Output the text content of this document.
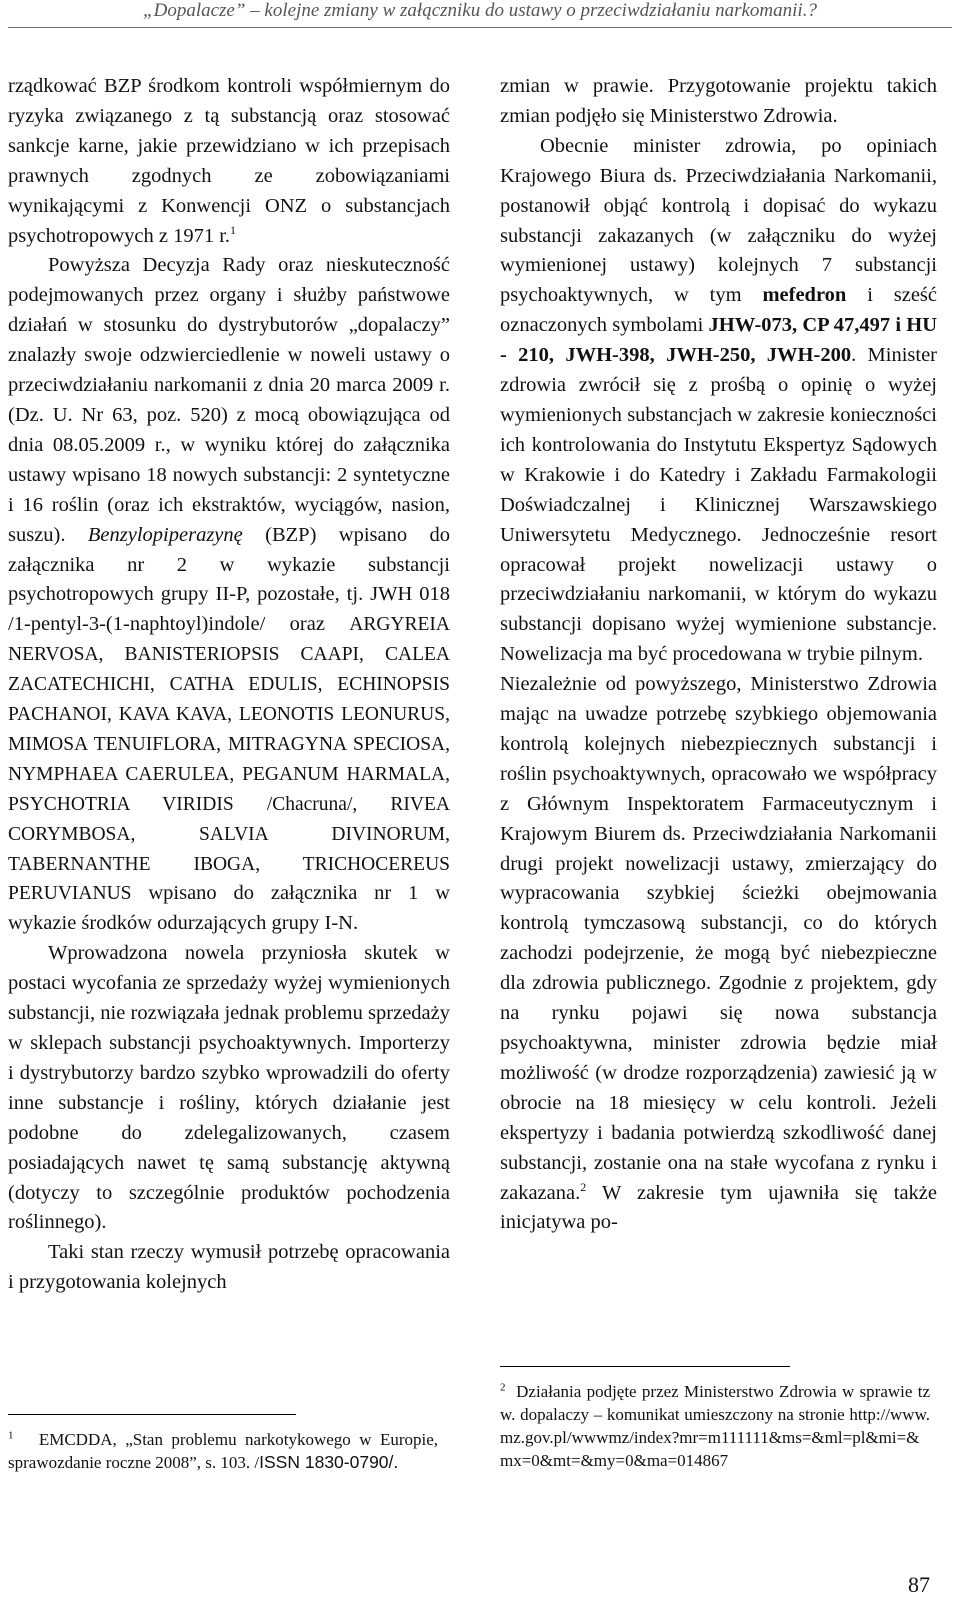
„Dopalacze” – kolejne zmiany w załączniku do ustawy o przeciwdziałaniu narkomanii.?

rządkować BZP środkom kontroli współmiernym do ryzyka związanego z tą substancją oraz stosować sankcje karne, jakie przewidziano w ich przepisach prawnych zgodnych ze zobowiązaniami wynikającymi z Konwencji ONZ o substancjach psychotropowych z 1971 r.$^1$

Powyższa Decyzja Rady oraz nieskuteczność podejmowanych przez organy i służby państwowe działań w stosunku do dystrybutorów „dopalaczy” znalazły swoje odzwierciedlenie w noweli ustawy o przeciwdziałaniu narkomanii z dnia 20 marca 2009 r. (Dz. U. Nr 63, poz. 520) z mocą obowiązująca od dnia 08.05.2009 r., w wyniku której do załącznika ustawy wpisano 18 nowych substancji: 2 syntetyczne i 16 roślin (oraz ich ekstraktów, wyciągów, nasion, suszu). Benzylopiperazynę (BZP) wpisano do załącznika nr 2 w wykazie substancji psychotropowych grupy II-P, pozostałe, tj. JWH 018 /1-pentyl-3-(1-naphtoyl)indole/ oraz ARGYREIA NERVOSA, BANISTERIOPSIS CAAPI, CALEA ZACATECHICHI, CATHA EDULIS, ECHINOPSIS PACHANOI, KAVA KAVA, LEONOTIS LEONURUS, MIMOSA TENUIFLORA, MITRAGYNA SPECIOSA, NYMPHAEA CAERULEA, PEGANUM HARMALA, PSYCHOTRIA VIRIDIS /Chacruna/, RIVEA CORYMBOSA, SALVIA DIVINORUM, TABERNANTHE IBOGA, TRICHOCEREUS PERUVIANUS wpisano do załącznika nr 1 w wykazie środków odurzających grupy I-N.

Wprowadzona nowela przyniosła skutek w postaci wycofania ze sprzedaży wyżej wymienionych substancji, nie rozwiązała jednak problemu sprzedaży w sklepach substancji psychoaktywnych. Importerzy i dystrybutorzy bardzo szybko wprowadzili do oferty inne substancje i rośliny, których działanie jest podobne do zdelegalizowanych, czasem posiadających nawet tę samą substancję aktywną (dotyczy to szczególnie produktów pochodzenia roślinnego).

Taki stan rzeczy wymusił potrzebę opracowania i przygotowania kolejnych

$^1$ EMCDDA, „Stan problemu narkotykowego w Europie, sprawozdanie roczne 2008”, s. 103. /ISSN 1830-0790/.

zmian w prawie. Przygotowanie projektu takich zmian podjęło się Ministerstwo Zdrowia.

Obecnie minister zdrowia, po opiniach Krajowego Biura ds. Przeciwdziałania Narkomanii, postanowił objąć kontrolą i dopisać do wykazu substancji zakazanych (w załączniku do wyżej wymienionej ustawy) kolejnych 7 substancji psychoaktywnych, w tym mefedron i sześć oznaczonych symbolami JHW-073, CP 47,497 i HU - 210, JWH-398, JWH-250, JWH-200. Minister zdrowia zwrócił się z prośbą o opinię o wyżej wymienionych substancjach w zakresie konieczności ich kontrolowania do Instytutu Ekspertyz Sądowych w Krakowie i do Katedry i Zakładu Farmakologii Doświadczalnej i Klinicznej Warszawskiego Uniwersytetu Medycznego. Jednocześnie resort opracował projekt nowelizacji ustawy o przeciwdziałaniu narkomanii, w którym do wykazu substancji dopisano wyżej wymienione substancje. Nowelizacja ma być procedowana w trybie pilnym.

Niezależnie od powyższego, Ministerstwo Zdrowia mając na uwadze potrzebę szybkiego objemowania kontrolą kolejnych niebezpiecznych substancji i roślin psychoaktywnych, opracowało we współpracy z Głównym Inspektoratem Farmaceutycznym i Krajowym Biurem ds. Przeciwdziałania Narkomanii drugi projekt nowelizacji ustawy, zmierzający do wypracowania szybkiej ścieżki obejmowania kontrolą tymczasową substancji, co do których zachodzi podejrzenie, że mogą być niebezpieczne dla zdrowia publicznego. Zgodnie z projektem, gdy na rynku pojawi się nowa substancja psychoaktywna, minister zdrowia będzie miał możliwość (w drodze rozporządzenia) zawiesić ją w obrocie na 18 miesięcy w celu kontroli. Jeżeli ekspertyzy i badania potwierdzą szkodliwość danej substancji, zostanie ona na stałe wycofana z rynku i zakazana.$^2$ W zakresie tym ujawniła się także inicjatywa po-

$^2$ Działania podjęte przez Ministerstwo Zdrowia w sprawie tzw. dopalaczy – komunikat umieszczony na stronie http://www.mz.gov.pl/wwwmz/index?mr=m111111&ms=&ml=pl&mi=&mx=0&mt=&my=0&ma=014867
87
